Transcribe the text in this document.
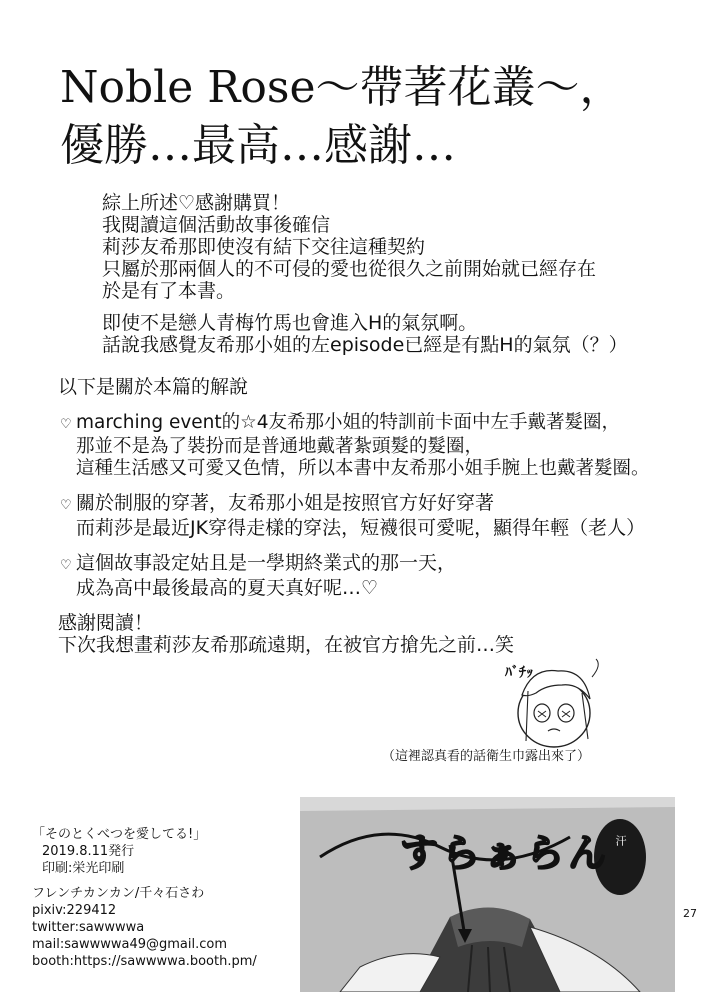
Noble Rose～帶著花叢～，
優勝…最高…感謝…
綜上所述♡感謝購買！
我閱讀這個活動故事後確信
莉莎友希那即使沒有結下交往這種契約
只屬於那兩個人的不可侵的愛也從很久之前開始就已經存在
於是有了本書。
即使不是戀人青梅竹馬也會進入H的氣氛啊。
話說我感覺友希那小姐的左episode已經是有點H的氣氛（？）
以下是關於本篇的解說
♡ marching event的☆4友希那小姐的特訓前卡面中左手戴著髮圈，
那並不是為了裝扮而是普通地戴著紮頭髮的髮圈，
這種生活感又可愛又色情，所以本書中友希那小姐手腕上也戴著髮圈。
♡ 關於制服的穿著，友希那小姐是按照官方好好穿著
而莉莎是最近JK穿得走樣的穿法，短襪很可愛呢，顯得年輕（老人）
♡ 這個故事設定姑且是一學期終業式的那一天，
成為高中最後最高的夏天真好呢…♡
感謝閱讀！
下次我想畫莉莎友希那疏遠期，在被官方搶先之前…笑
ﾊﾞﾁｯ
（這裡認真看的話衛生巾露出來了）
すらぁらん 汗
「そのとくべつを愛してる!」
2019.8.11発行
印刷:栄光印刷
フレンチカンカン/千々石さわ
pixiv:229412
twitter:sawwwwa
mail:sawwwwa49@gmail.com
booth:https://sawwwwa.booth.pm/
27
